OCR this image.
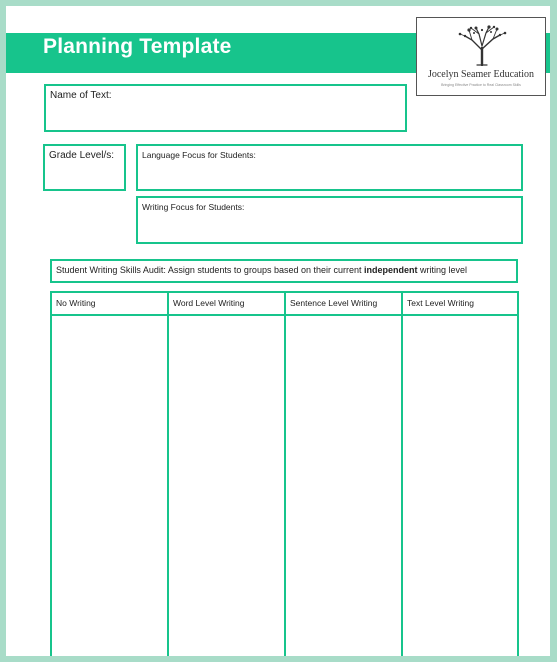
Planning Template
Jocelyn Seamer Education
Bringing Effective Practice to Real Classroom Skills
Name of Text:
Grade Level/s:	Language Focus for Students:
Writing Focus for Students:
Student Writing Skills Audit: Assign students to groups based on their current independent writing level
No Writing	Word Level Writing	Sentence Level Writing	Text Level Writing
